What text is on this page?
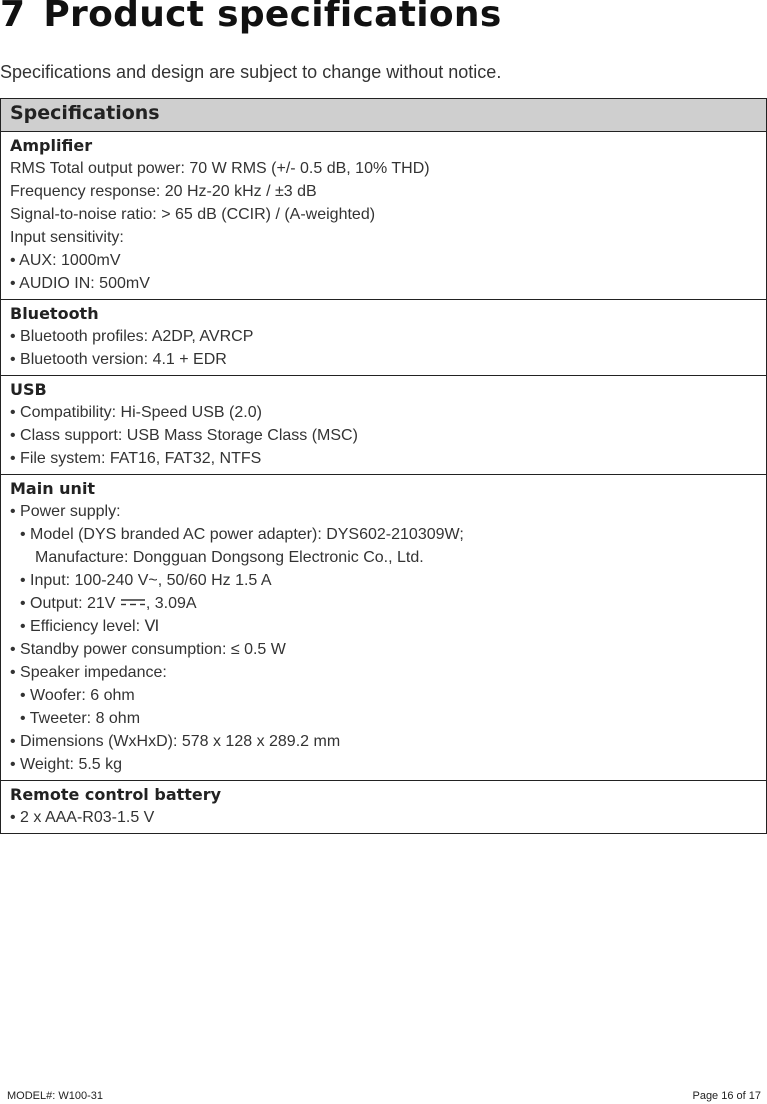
7 Product specifications
Specifications and design are subject to change without notice.
Specifications

Amplifier
RMS Total output power: 70 W RMS (+/- 0.5 dB, 10% THD)
Frequency response: 20 Hz-20 kHz / ±3 dB
Signal-to-noise ratio: > 65 dB (CCIR) / (A-weighted)
Input sensitivity:
• AUX: 1000mV
• AUDIO IN: 500mV

Bluetooth
• Bluetooth profiles: A2DP, AVRCP
• Bluetooth version: 4.1 + EDR

USB
• Compatibility: Hi-Speed USB (2.0)
• Class support: USB Mass Storage Class (MSC)
• File system: FAT16, FAT32, NTFS

Main unit
• Power supply:
• Model (DYS branded AC power adapter): DYS602-210309W;
Manufacture: Dongguan Dongsong Electronic Co., Ltd.
• Input: 100-240 V~, 50/60 Hz 1.5 A
• Output: 21V , 3.09A
• Efficiency level: Ⅵ
• Standby power consumption: ≤ 0.5 W
• Speaker impedance:
• Woofer: 6 ohm
• Tweeter: 8 ohm
• Dimensions (WxHxD): 578 x 128 x 289.2 mm
• Weight: 5.5 kg

Remote control battery
• 2 x AAA-R03-1.5 V
MODEL#: W100-31	Page 16 of 17
